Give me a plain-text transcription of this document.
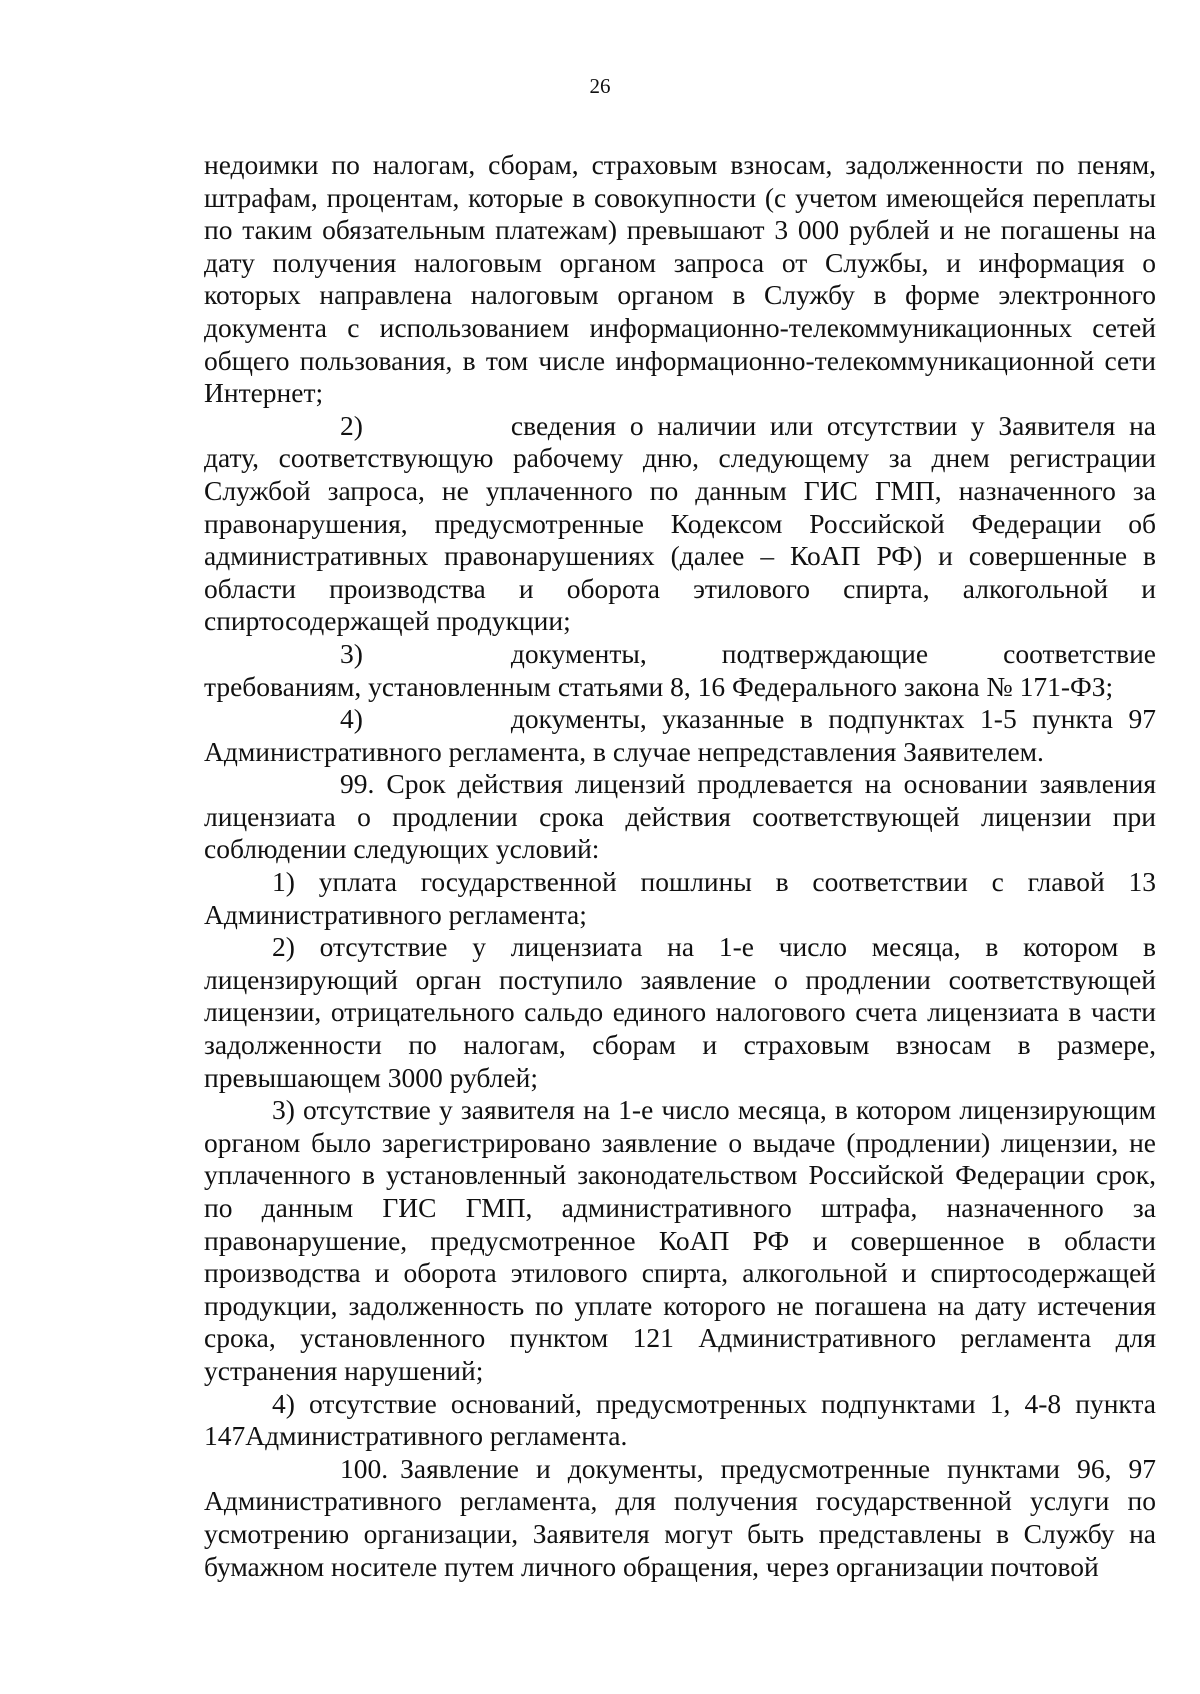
26

недоимки по налогам, сборам, страховым взносам, задолженности по пеням, штрафам, процентам, которые в совокупности (с учетом имеющейся переплаты по таким обязательным платежам) превышают 3 000 рублей и не погашены на дату получения налоговым органом запроса от Службы, и информация о которых направлена налоговым органом в Службу в форме электронного документа с использованием информационно-телекоммуникационных сетей общего пользования, в том числе информационно-телекоммуникационной сети Интернет;

2)	сведения о наличии или отсутствии у Заявителя на дату, соответствующую рабочему дню, следующему за днем регистрации Службой запроса, не уплаченного по данным ГИС ГМП, назначенного за правонарушения, предусмотренные Кодексом Российской Федерации об административных правонарушениях (далее – КоАП РФ) и совершенные в области производства и оборота этилового спирта, алкогольной и спиртосодержащей продукции;

3)	документы, подтверждающие соответствие требованиям, установленным статьями 8, 16 Федерального закона № 171-ФЗ;

4)	документы, указанные в подпунктах 1-5 пункта 97 Административного регламента, в случае непредставления Заявителем.

99. Срок действия лицензий продлевается на основании заявления лицензиата о продлении срока действия соответствующей лицензии при соблюдении следующих условий:

1) уплата государственной пошлины в соответствии с главой 13 Административного регламента;

2) отсутствие у лицензиата на 1-е число месяца, в котором в лицензирующий орган поступило заявление о продлении соответствующей лицензии, отрицательного сальдо единого налогового счета лицензиата в части задолженности по налогам, сборам и страховым взносам в размере, превышающем 3000 рублей;

3) отсутствие у заявителя на 1-е число месяца, в котором лицензирующим органом было зарегистрировано заявление о выдаче (продлении) лицензии, не уплаченного в установленный законодательством Российской Федерации срок, по данным ГИС ГМП, административного штрафа, назначенного за правонарушение, предусмотренное КоАП РФ и совершенное в области производства и оборота этилового спирта, алкогольной и спиртосодержащей продукции, задолженность по уплате которого не погашена на дату истечения срока, установленного пунктом 121 Административного регламента для устранения нарушений;

4) отсутствие оснований, предусмотренных подпунктами 1, 4-8 пункта 147Административного регламента.

100. Заявление и документы, предусмотренные пунктами 96, 97 Административного регламента, для получения государственной услуги по усмотрению организации, Заявителя могут быть представлены в Службу на бумажном носителе путем личного обращения, через организации почтовой
